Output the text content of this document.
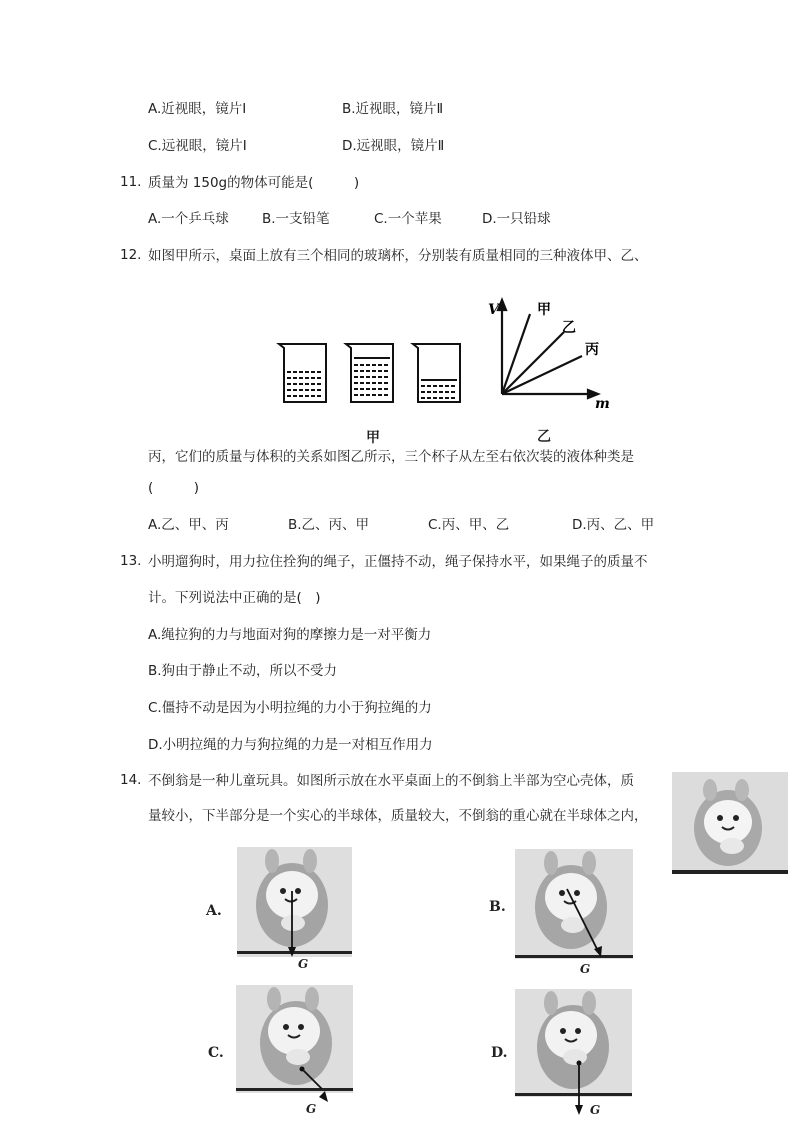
A.近视眼，镜片Ⅰ	B.近视眼，镜片Ⅱ
C.远视眼，镜片Ⅰ	D.远视眼，镜片Ⅱ
11. 质量为 150g的物体可能是(　　　)
A.一个乒乓球 B.一支铅笔	C.一个苹果	D.一只铅球
12. 如图甲所示，桌面上放有三个相同的玻璃杯，分别装有质量相同的三种液体甲、乙、
V
m
甲
乙
丙
甲	乙
丙，它们的质量与体积的关系如图乙所示，三个杯子从左至右依次装的液体种类是
(　　　)
A.乙、甲、丙	B.乙、丙、甲	C.丙、甲、乙	D.丙、乙、甲
13. 小明遛狗时，用力拉住拴狗的绳子，正僵持不动，绳子保持水平，如果绳子的质量不
计。下列说法中正确的是(　)
A.绳拉狗的力与地面对狗的摩擦力是一对平衡力
B.狗由于静止不动，所以不受力
C.僵持不动是因为小明拉绳的力小于狗拉绳的力
D.小明拉绳的力与狗拉绳的力是一对相互作用力
14. 不倒翁是一种儿童玩具。如图所示放在水平桌面上的不倒翁上半部为空心壳体，质
量较小，下半部分是一个实心的半球体，质量较大，不倒翁的重心就在半球体之内，
A.
G
B.
G
C.
G
D.
G
